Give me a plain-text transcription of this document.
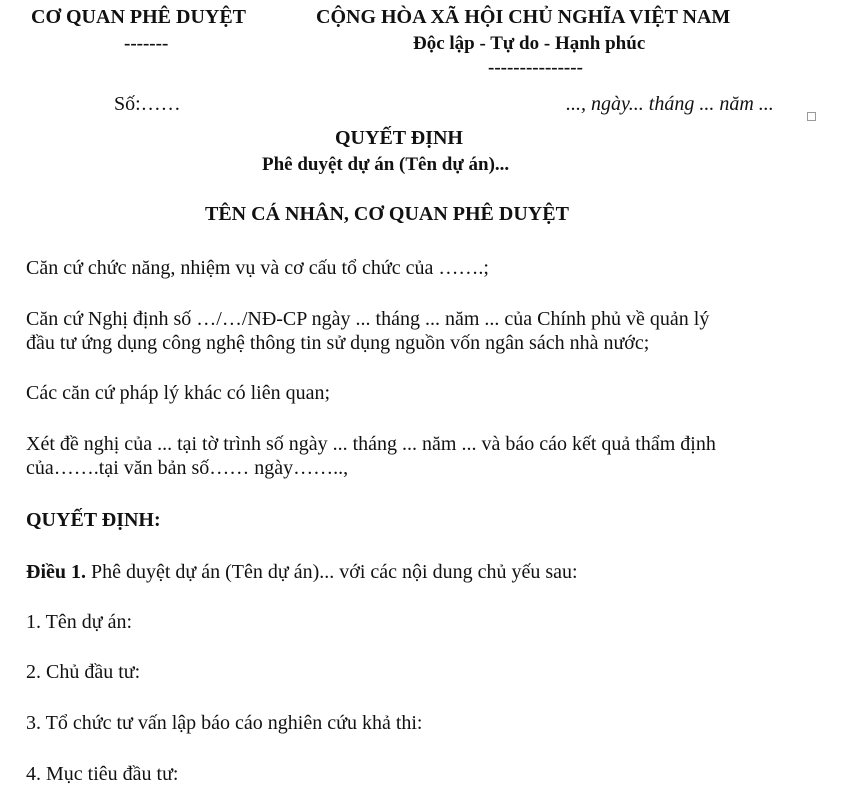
CƠ QUAN PHÊ DUYỆT
-------
CỘNG HÒA XÃ HỘI CHỦ NGHĨA VIỆT NAM
Độc lập - Tự do - Hạnh phúc
---------------
Số:……	..., ngày... tháng ... năm ...
QUYẾT ĐỊNH
Phê duyệt dự án (Tên dự án)...
TÊN CÁ NHÂN, CƠ QUAN PHÊ DUYỆT
Căn cứ chức năng, nhiệm vụ và cơ cấu tổ chức của …….;
Căn cứ Nghị định số …/…/NĐ-CP ngày ... tháng ... năm ... của Chính phủ về quản lý
đầu tư ứng dụng công nghệ thông tin sử dụng nguồn vốn ngân sách nhà nước;
Các căn cứ pháp lý khác có liên quan;
Xét đề nghị của ... tại tờ trình số ngày ... tháng ... năm ... và báo cáo kết quả thẩm định
của…….tại văn bản số…… ngày……..,
QUYẾT ĐỊNH:
Điều 1. Phê duyệt dự án (Tên dự án)... với các nội dung chủ yếu sau:
1. Tên dự án:
2. Chủ đầu tư:
3. Tổ chức tư vấn lập báo cáo nghiên cứu khả thi:
4. Mục tiêu đầu tư:
